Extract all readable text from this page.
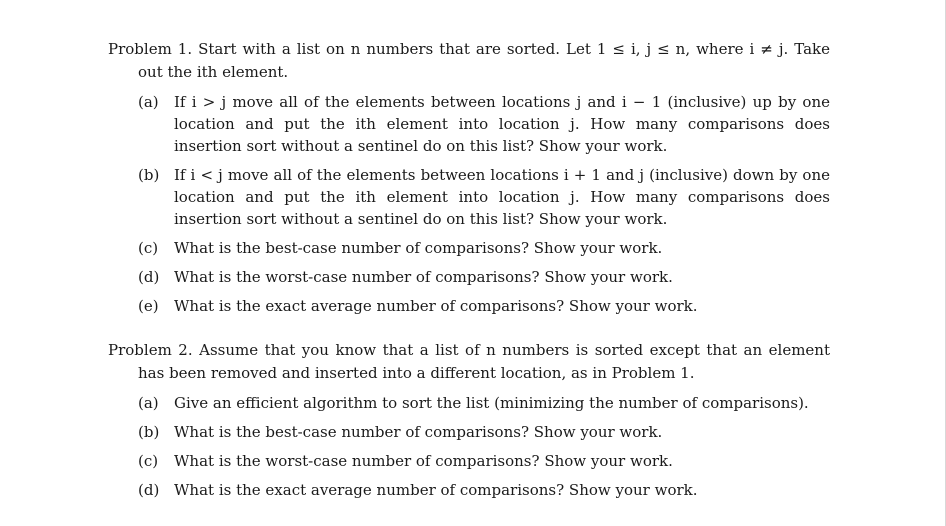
Problem 1. Start with a list on n numbers that are sorted. Let 1 ≤ i, j ≤ n, where i ≠ j. Take out the ith element.
(a) If i > j move all of the elements between locations j and i − 1 (inclusive) up by one location and put the ith element into location j. How many comparisons does insertion sort without a sentinel do on this list? Show your work.
(b) If i < j move all of the elements between locations i + 1 and j (inclusive) down by one location and put the ith element into location j. How many comparisons does insertion sort without a sentinel do on this list? Show your work.
(c) What is the best-case number of comparisons? Show your work.
(d) What is the worst-case number of comparisons? Show your work.
(e) What is the exact average number of comparisons? Show your work.
Problem 2. Assume that you know that a list of n numbers is sorted except that an element has been removed and inserted into a different location, as in Problem 1.
(a) Give an efficient algorithm to sort the list (minimizing the number of comparisons).
(b) What is the best-case number of comparisons? Show your work.
(c) What is the worst-case number of comparisons? Show your work.
(d) What is the exact average number of comparisons? Show your work.
